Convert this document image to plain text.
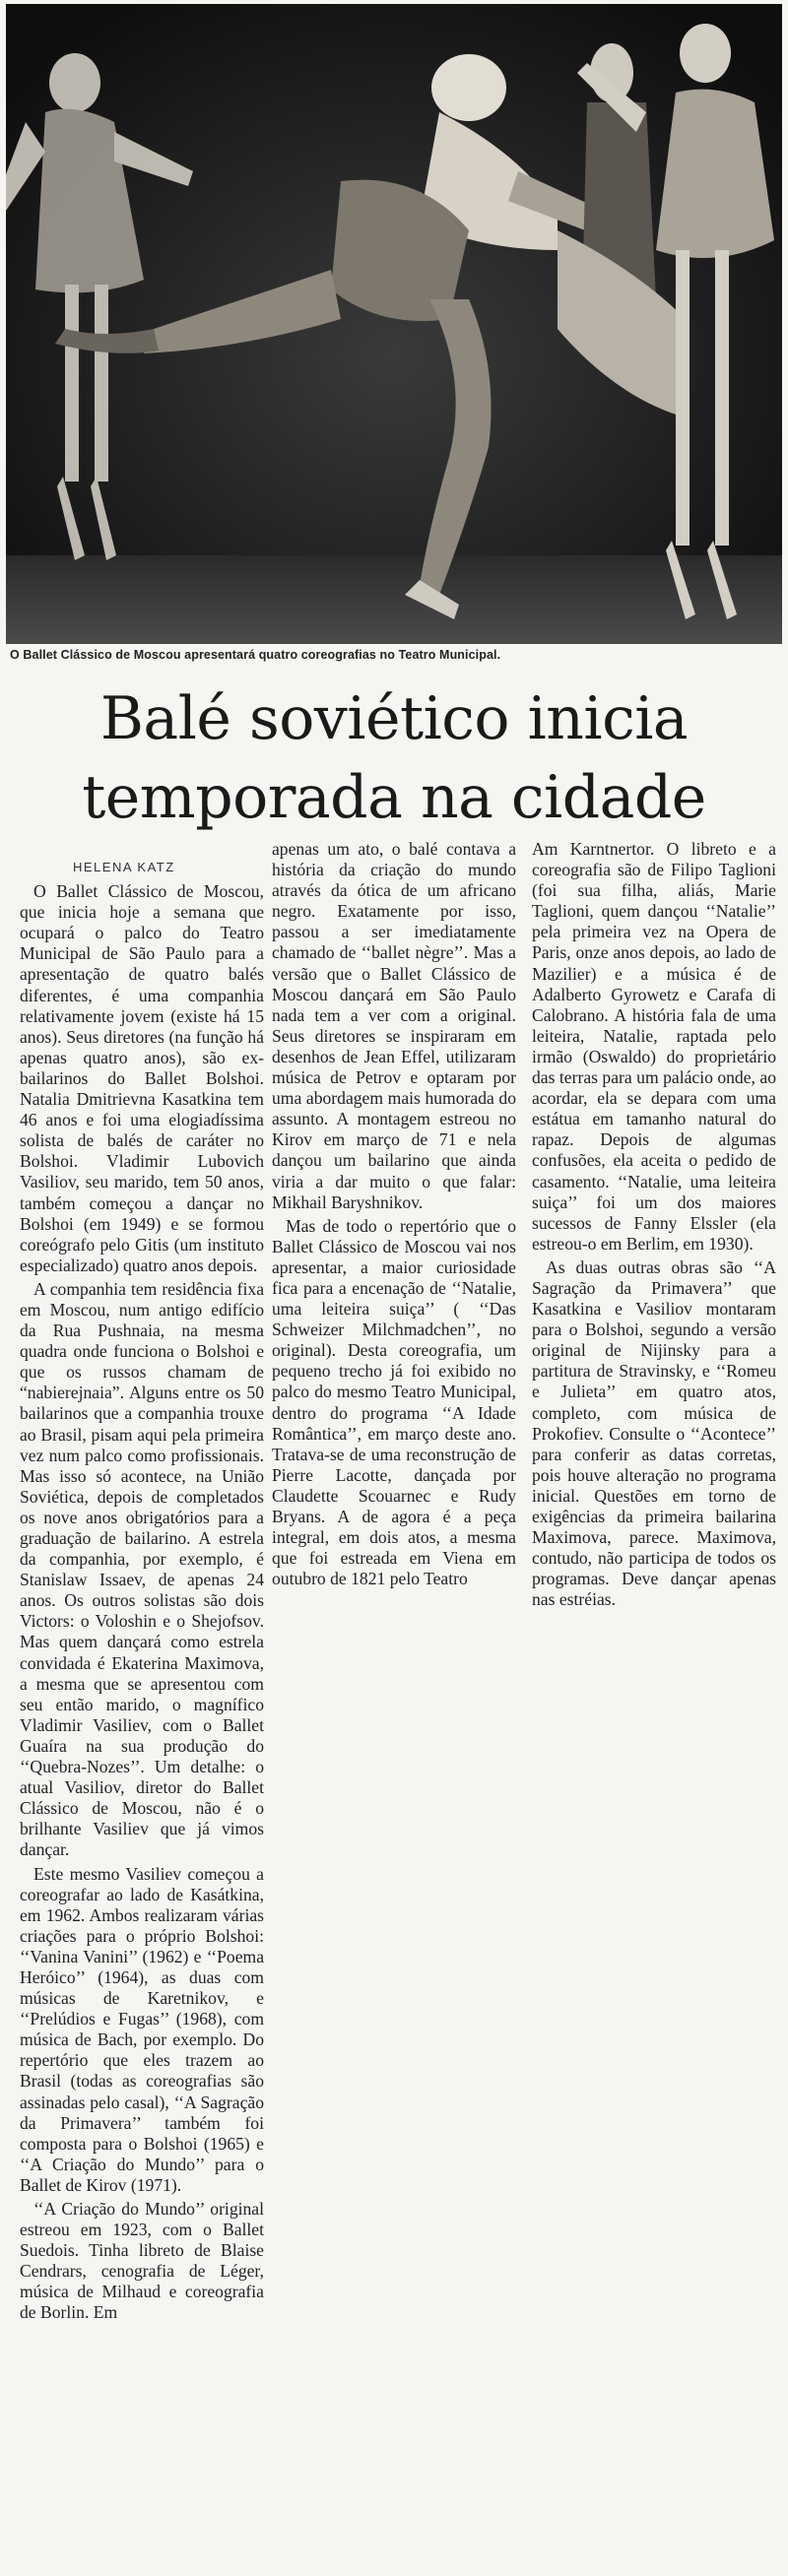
O Ballet Clássico de Moscou apresentará quatro coreografias no Teatro Municipal.
Balé soviético inicia
temporada na cidade
HELENA KATZ

O Ballet Clássico de Moscou, que inicia hoje a semana que ocupará o palco do Teatro Municipal de São Paulo para a apresentação de quatro balés diferentes, é uma companhia relativamente jovem (existe há 15 anos). Seus diretores (na função há apenas quatro anos), são ex-bailarinos do Ballet Bolshoi. Natalia Dmitrievna Kasatkina tem 46 anos e foi uma elogiadíssima solista de balés de caráter no Bolshoi. Vladimir Lubovich Vasiliov, seu marido, tem 50 anos, também começou a dançar no Bolshoi (em 1949) e se formou coreógrafo pelo Gitis (um instituto especializado) quatro anos depois.

A companhia tem residência fixa em Moscou, num antigo edifício da Rua Pushnaia, na mesma quadra onde funciona o Bolshoi e que os russos chamam de “nabierejnaia”. Alguns entre os 50 bailarinos que a companhia trouxe ao Brasil, pisam aqui pela primeira vez num palco como profissionais. Mas isso só acontece, na União Soviética, depois de completados os nove anos obrigatórios para a graduação de bailarino. A estrela da companhia, por exemplo, é Stanislaw Issaev, de apenas 24 anos. Os outros solistas são dois Victors: o Voloshin e o Shejofsov. Mas quem dançará como estrela convidada é Ekaterina Maximova, a mesma que se apresentou com seu então marido, o magnífico Vladimir Vasiliev, com o Ballet Guaíra na sua produção do ‘‘Quebra-Nozes’’. Um detalhe: o atual Vasiliov, diretor do Ballet Clássico de Moscou, não é o brilhante Vasiliev que já vimos dançar.

Este mesmo Vasiliev começou a coreografar ao lado de Kasátkina, em 1962. Ambos realizaram várias criações para o próprio Bolshoi: ‘‘Vanina Vanini’’ (1962) e ‘‘Poema Heróico’’ (1964), as duas com músicas de Karetnikov, e ‘‘Prelúdios e Fugas’’ (1968), com música de Bach, por exemplo. Do repertório que eles trazem ao Brasil (todas as coreografias são assinadas pelo casal), ‘‘A Sagração da Primavera’’ também foi composta para o Bolshoi (1965) e ‘‘A Criação do Mundo’’ para o Ballet de Kirov (1971).

‘‘A Criação do Mundo’’ original estreou em 1923, com o Ballet Suedois. Tinha libreto de Blaise Cendrars, cenografia de Léger, música de Milhaud e coreografia de Borlin. Em

apenas um ato, o balé contava a história da criação do mundo através da ótica de um africano negro. Exatamente por isso, passou a ser imediatamente chamado de ‘‘ballet nègre’’. Mas a versão que o Ballet Clássico de Moscou dançará em São Paulo nada tem a ver com a original. Seus diretores se inspiraram em desenhos de Jean Effel, utilizaram música de Petrov e optaram por uma abordagem mais humorada do assunto. A montagem estreou no Kirov em março de 71 e nela dançou um bailarino que ainda viria a dar muito o que falar: Mikhail Baryshnikov.

Mas de todo o repertório que o Ballet Clássico de Moscou vai nos apresentar, a maior curiosidade fica para a encenação de ‘‘Natalie, uma leiteira suiça’’ ( ‘‘Das Schweizer Milchmadchen’’, no original). Desta coreografia, um pequeno trecho já foi exibido no palco do mesmo Teatro Municipal, dentro do programa ‘‘A Idade Romântica’’, em março deste ano. Tratava-se de uma reconstrução de Pierre Lacotte, dançada por Claudette Scouarnec e Rudy Bryans. A de agora é a peça integral, em dois atos, a mesma que foi estreada em Viena em outubro de 1821 pelo Teatro

Am Karntnertor. O libreto e a coreografia são de Filipo Taglioni (foi sua filha, aliás, Marie Taglioni, quem dançou ‘‘Natalie’’ pela primeira vez na Opera de Paris, onze anos depois, ao lado de Mazilier) e a música é de Adalberto Gyrowetz e Carafa di Calobrano. A história fala de uma leiteira, Natalie, raptada pelo irmão (Oswaldo) do proprietário das terras para um palácio onde, ao acordar, ela se depara com uma estátua em tamanho natural do rapaz. Depois de algumas confusões, ela aceita o pedido de casamento. ‘‘Natalie, uma leiteira suiça’’ foi um dos maiores sucessos de Fanny Elssler (ela estreou-o em Berlim, em 1930).

As duas outras obras são ‘‘A Sagração da Primavera’’ que Kasatkina e Vasiliov montaram para o Bolshoi, segundo a versão original de Nijinsky para a partitura de Stravinsky, e ‘‘Romeu e Julieta’’ em quatro atos, completo, com música de Prokofiev. Consulte o ‘‘Acontece’’ para conferir as datas corretas, pois houve alteração no programa inicial. Questões em torno de exigências da primeira bailarina Maximova, parece. Maximova, contudo, não participa de todos os programas. Deve dançar apenas nas estréias.
